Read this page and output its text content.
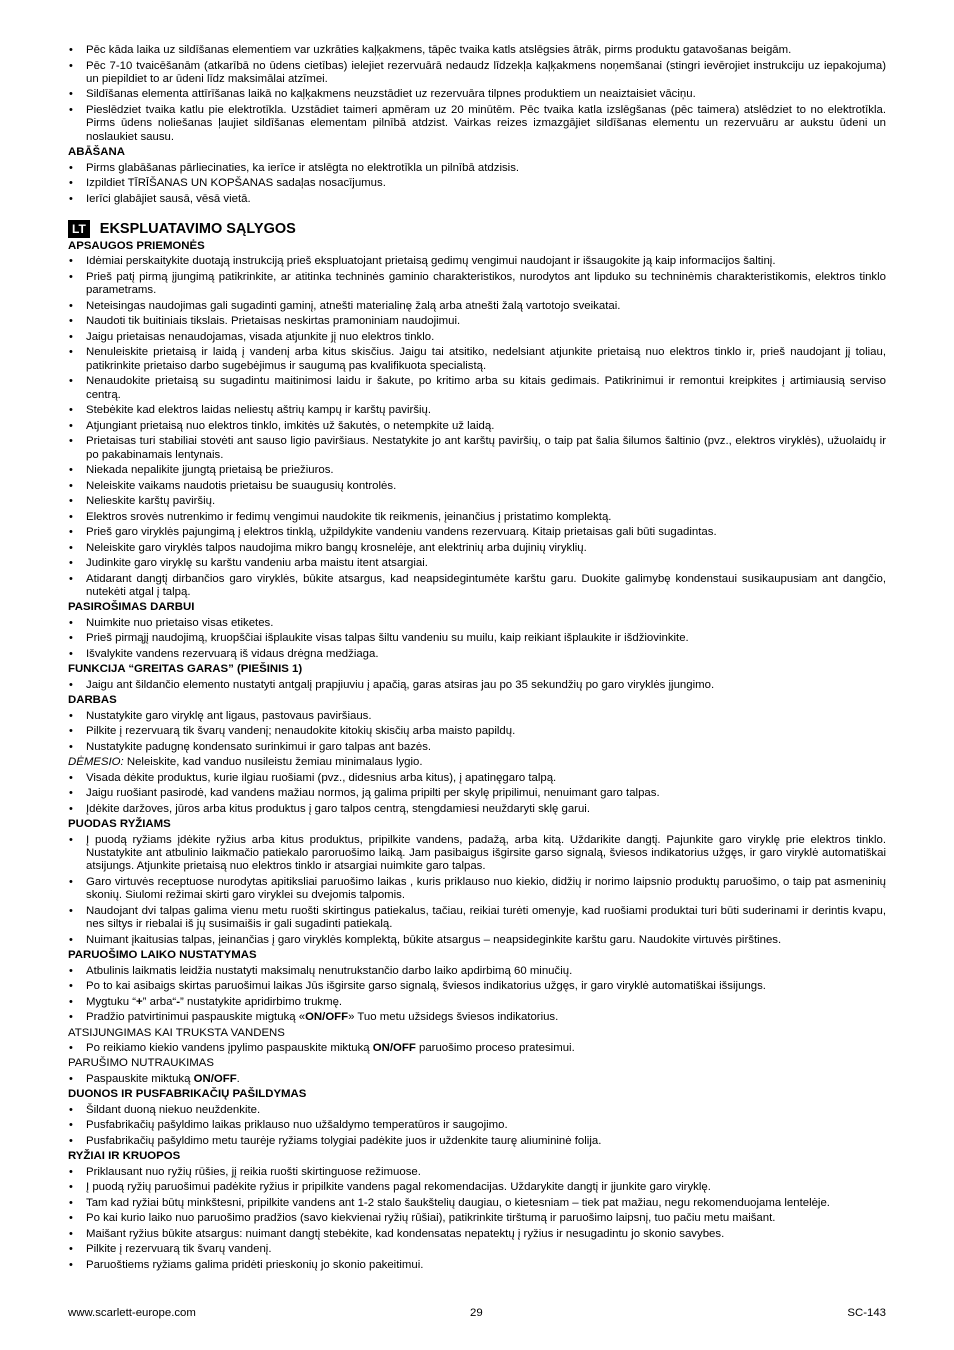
• Pēc kāda laika uz sildīšanas elementiem var uzkrāties kaļķakmens, tāpēc tvaika katls atslēgsies ātrāk, pirms produktu gatavošanas beigām.
• Pēc 7-10 tvaicēšanām (atkarībā no ūdens cietības) ielejiet rezervuārā nedaudz līdzekļa kaļķakmens noņemšanai (stingri ievērojiet instrukciju uz iepakojuma) un piepildiet to ar ūdeni līdz maksimālai atzīmei.
• Sildīšanas elementa attīrīšanas laikā no kaļķakmens neuzstādiet uz rezervuāra tilpnes produktiem un neaiztaisiet vāciņu.
• Pieslēdziet tvaika katlu pie elektrotīkla. Uzstādiet taimeri apmēram uz 20 minūtēm. Pēc tvaika katla izslēgšanas (pēc taimera) atslēdziet to no elektrotīkla. Pirms ūdens noliešanas ļaujiet sildīšanas elementam pilnībā atdzist. Vairkas reizes izmazgājiet sildīšanas elementu un rezervuāru ar aukstu ūdeni un noslaukiet sausu.
ABĀŠANA
• Pirms glabāšanas pārliecinaties, ka ierīce ir atslēgta no elektrotīkla un pilnībā atdzisis.
• Izpildiet TĪRĪŠANAS UN KOPŠANAS sadaļas nosacījumus.
• Ierīci glabājiet sausā, vēsā vietā.
LT EKSPLUATAVIMO SĄLYGOS
APSAUGOS PRIEMONĖS
• Idėmiai perskaitykite duotają instrukciją prieš ekspluatojant prietaisą gedimų vengimui naudojant ir išsaugokite ją kaip informacijos šaltinį.
• Prieš patį pirmą įjungimą patikrinkite, ar atitinka techninės gaminio charakteristikos, nurodytos ant lipduko su techninėmis charakteristikomis, elektros tinklo parametrams.
• Neteisingas naudojimas gali sugadinti gaminį, atnešti materialinę žalą arba atnešti žalą vartotojo sveikatai.
• Naudoti tik buitiniais tikslais. Prietaisas neskirtas pramoniniam naudojimui.
• Jaigu prietaisas nenaudojamas, visada atjunkite jį nuo elektros tinklo.
• Nenuleiskite prietaisą ir laidą į vandenį arba kitus skisčius. Jaigu tai atsitiko, nedelsiant atjunkite prietaisą nuo elektros tinklo ir, prieš naudojant jį toliau, patikrinkite prietaiso darbo sugebėjimus ir saugumą pas kvalifikuota specialistą.
• Nenaudokite prietaisą su sugadintu maitinimosi laidu ir šakute, po kritimo arba su kitais gedimais. Patikrinimui ir remontui kreipkites į artimiausią serviso centrą.
• Stebėkite kad elektros laidas neliestų aštrių kampų ir karštų paviršių.
• Atjungiant prietaisą nuo elektros tinklo, imkitės už šakutės, o netempkite už laidą.
• Prietaisas turi stabiliai stovėti ant sauso ligio paviršiaus. Nestatykite jo ant karštų paviršių, o taip pat šalia šilumos šaltinio (pvz., elektros viryklės), užuolaidų ir po pakabinamais lentynais.
• Niekada nepalikite įjungtą prietaisą be priežiuros.
• Neleiskite vaikams naudotis prietaisu be suaugusių kontrolės.
• Nelieskite karštų paviršių.
• Elektros srovės nutrenkimo ir fedimų vengimui naudokite tik reikmenis, įeinančius į pristatimo komplektą.
• Prieš garo viryklės pajungimą į elektros tinklą, užpildykite vandeniu vandens rezervuarą. Kitaip prietaisas gali būti sugadintas.
• Neleiskite garo viryklės talpos naudojima mikro bangų krosnelėje, ant elektrinių arba dujinių viryklių.
• Judinkite garo viryklę su karštu vandeniu arba maistu itent atsargiai.
• Atidarant dangtį dirbančios garo viryklės, būkite atsargus, kad neapsidegintumėte karštu garu. Duokite galimybę kondenstaui susikaupusiam ant dangčio, nutekėti atgal į talpą.
PASIROŠIMAS DARBUI
• Nuimkite nuo prietaiso visas etiketes.
• Prieš pirmąjį naudojimą, kruopščiai išplaukite visas talpas šiltu vandeniu su muilu, kaip reikiant išplaukite ir išdžiovinkite.
• Išvalykite vandens rezervuarą iš vidaus drėgna medžiaga.
FUNKCIJA “GREITAS GARAS” (PIEŠINIS 1)
• Jaigu ant šildančio elemento nustatyti antgalį prapjiuviu į apačią, garas atsiras jau po 35 sekundžių po garo viryklės įjungimo.
DARBAS
• Nustatykite garo viryklę ant ligaus, pastovaus paviršiaus.
• Pilkite į rezervuarą tik švarų vandenį; nenaudokite kitokių skisčių arba maisto papildų.
• Nustatykite padugnę kondensato surinkimui ir garo talpas ant bazės.
DĖMESIO: Neleiskite, kad vanduo nusileistu žemiau minimalaus lygio.
• Visada dėkite produktus, kurie ilgiau ruošiami (pvz., didesnius arba kitus), į apatinęgaro talpą.
• Jaigu ruošiant pasirodė, kad vandens mažiau normos, ją galima pripilti per skylę pripilimui, nenuimant garo talpas.
• Įdėkite daržoves, jūros arba kitus produktus į garo talpos centrą, stengdamiesi neuždaryti sklę garui.
PUODAS RYŽIAMS
• Į puodą ryžiams įdėkite ryžius arba kitus produktus, pripilkite vandens, padažą, arba kitą. Uždarikite dangtį. Pajunkite garo viryklę prie elektros tinklo. Nustatykite ant atbulinio laikmačio patiekalo paroruošimo laiką. Jam pasibaigus išgirsite garso signalą, šviesos indikatorius užgęs, ir garo viryklė automatiškai atsijungs. Atjunkite prietaisą nuo elektros tinklo ir atsargiai nuimkite garo talpas.
• Garo virtuvės receptuose nurodytas apitiksliai paruošimo laikas , kuris priklauso nuo kiekio, didžių ir norimo laipsnio produktų paruošimo, o taip pat asmeninių skonių. Siulomi režimai skirti garo viryklei su dvejomis talpomis.
• Naudojant dvi talpas galima vienu metu ruošti skirtingus patiekalus, tačiau, reikiai turėti omenyje, kad ruošiami produktai turi būti suderinami ir derintis kvapu, nes siltys ir riebalai iš jų susimaišis ir gali sugadinti patiekalą.
• Nuimant įkaitusias talpas, įeinančias į garo viryklės komplektą, būkite atsargus – neapsideginkite karštu garu. Naudokite virtuvės pirštines.
PARUOŠIMO LAIKO NUSTATYMAS
• Atbulinis laikmatis leidžia nustatyti maksimalų nenutrukstančio darbo laiko apdirbimą 60 minučių.
• Po to kai asibaigs skirtas paruošimui laikas Jūs išgirsite garso signalą, šviesos indikatorius užgęs, ir garo viryklė automatiškai išsijungs.
• Mygtuku “+” arba“-” nustatykite apridirbimo trukmę.
• Pradžio patvirtinimui paspauskite migtuką «ON/OFF» Tuo metu užsidegs šviesos indikatorius.
ATSIJUNGIMAS KAI TRUKSTA VANDENS
• Po reikiamo kiekio vandens įpylimo paspauskite miktuką ON/OFF paruošimo proceso pratesimui.
PARUŠIMO NUTRAUKIMAS
• Paspauskite miktuką ON/OFF.
DUONOS IR PUSFABRIKAČIŲ PAŠILDYMAS
• Šildant duoną niekuo neuždenkite.
• Pusfabrikačių pašyldimo laikas priklauso nuo užšaldymo temperatūros ir saugojimo.
• Pusfabrikačių pašyldimo metu taurėje ryžiams tolygiai padėkite juos ir uždenkite taurę aliumininė folija.
RYŽIAI IR KRUOPOS
• Priklausant nuo ryžių rūšies, jį reikia ruošti skirtinguose režimuose.
• Į puodą ryžių paruošimui padėkite ryžius ir pripilkite vandens pagal rekomendacijas. Uždarykite dangtį ir įjunkite garo viryklę.
• Tam kad ryžiai būtų minkštesni, pripilkite vandens ant 1-2 stalo šaukštelių daugiau, o kietesniam – tiek pat mažiau, negu rekomenduojama lentelėje.
• Po kai kurio laiko nuo paruošimo pradžios (savo kiekvienai ryžių rūšiai), patikrinkite tirštumą ir paruošimo laipsnį, tuo pačiu metu maišant.
• Maišant ryžius būkite atsargus: nuimant dangtį stebėkite, kad kondensatas nepatektų į ryžius ir nesugadintu jo skonio savybes.
• Pilkite į rezervuarą tik švarų vandenį.
• Paruoštiems ryžiams galima pridėti prieskonių jo skonio pakeitimui.
www.scarlett-europe.com	29	SC-143
